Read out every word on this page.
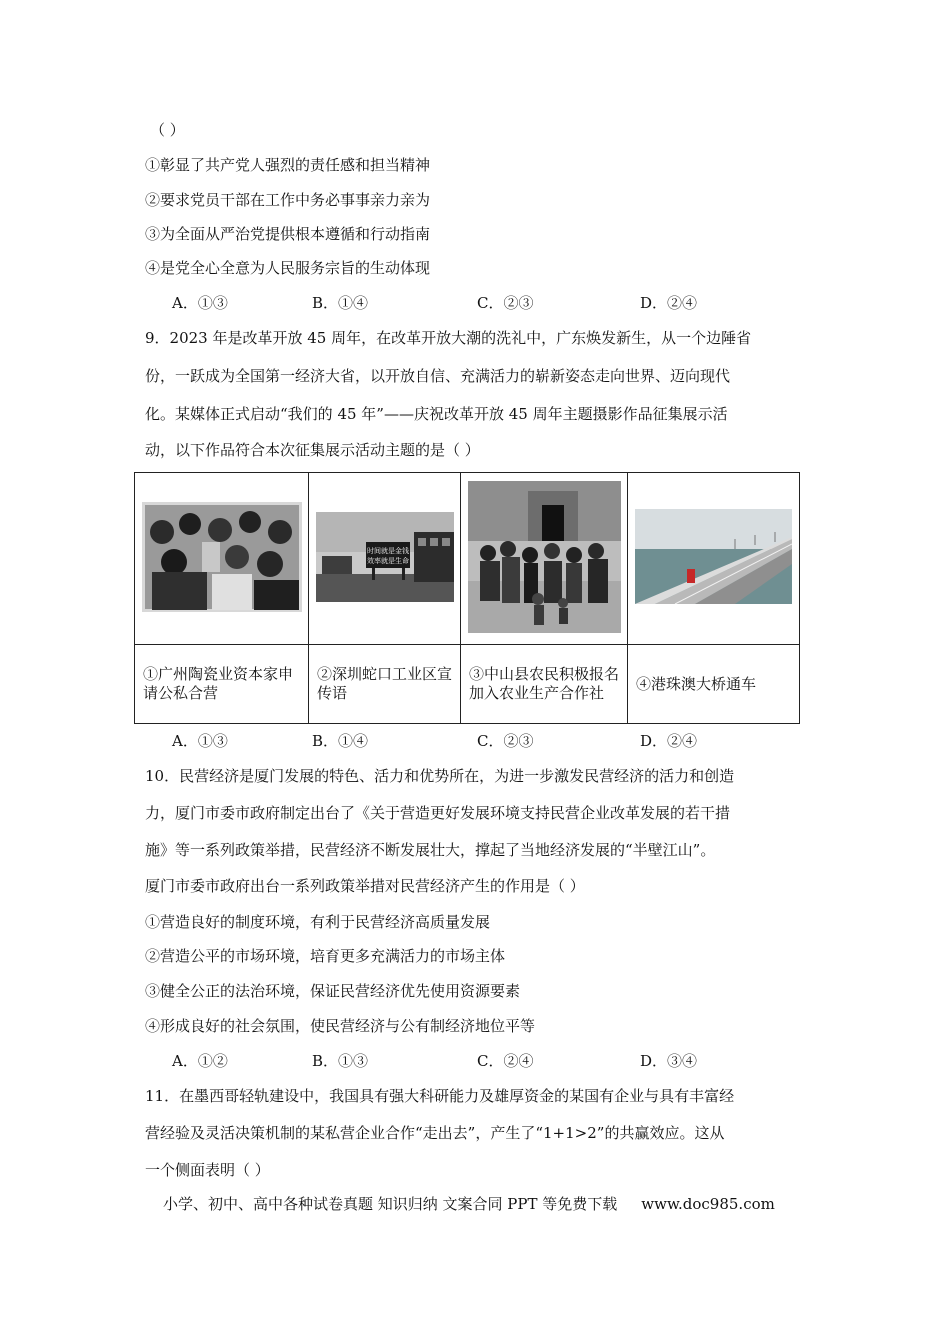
（ ）
①彰显了共产党人强烈的责任感和担当精神
②要求党员干部在工作中务必事事亲力亲为
③为全面从严治党提供根本遵循和行动指南
④是党全心全意为人民服务宗旨的生动体现
A．①③	B．①④	C．②③	D．②④
9．2023 年是改革开放 45 周年，在改革开放大潮的洗礼中，广东焕发新生，从一个边陲省
份，一跃成为全国第一经济大省，以开放自信、充满活力的崭新姿态走向世界、迈向现代
化。某媒体正式启动“我们的 45 年”——庆祝改革开放 45 周年主题摄影作品征集展示活
动，以下作品符合本次征集展示活动主题的是（ ）

时间就是金钱
效率就是生命

①广州陶瓷业资本家申请公私合营	②深圳蛇口工业区宣传语	③中山县农民积极报名加入农业生产合作社	④港珠澳大桥通车
A．①③	B．①④	C．②③	D．②④
10．民营经济是厦门发展的特色、活力和优势所在，为进一步激发民营经济的活力和创造
力，厦门市委市政府制定出台了《关于营造更好发展环境支持民营企业改革发展的若干措
施》等一系列政策举措，民营经济不断发展壮大，撑起了当地经济发展的“半壁江山”。
厦门市委市政府出台一系列政策举措对民营经济产生的作用是（ ）
①营造良好的制度环境，有利于民营经济高质量发展
②营造公平的市场环境，培育更多充满活力的市场主体
③健全公正的法治环境，保证民营经济优先使用资源要素
④形成良好的社会氛围，使民营经济与公有制经济地位平等
A．①②	B．①③	C．②④	D．③④
11．在墨西哥轻轨建设中，我国具有强大科研能力及雄厚资金的某国有企业与具有丰富经
营经验及灵活决策机制的某私营企业合作“走出去”，产生了“1+1>2”的共赢效应。这从
一个侧面表明（ ）
小学、初中、高中各种试卷真题 知识归纳 文案合同 PPT 等免费下载 www.doc985.com
